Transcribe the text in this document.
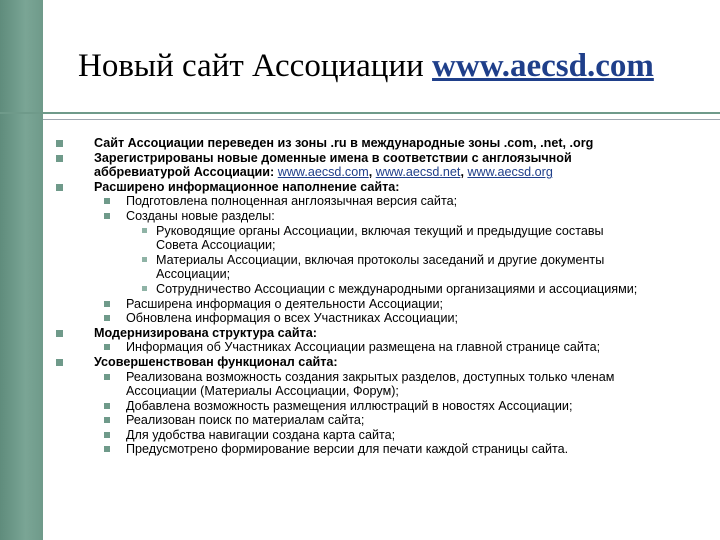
Новый сайт Ассоциации www.aecsd.com
Сайт Ассоциации переведен из зоны .ru в международные зоны .com, .net, .org
Зарегистрированы новые доменные имена в соответствии с англоязычной
аббревиатурой Ассоциации: www.aecsd.com, www.aecsd.net, www.aecsd.org
Расширено информационное наполнение сайта:
Подготовлена полноценная англоязычная версия сайта;
Созданы новые разделы:
Руководящие органы Ассоциации, включая текущий и предыдущие составы
Совета Ассоциации;
Материалы Ассоциации, включая протоколы заседаний и другие документы
Ассоциации;
Сотрудничество Ассоциации с международными организациями и ассоциациями;
Расширена информация о деятельности Ассоциации;
Обновлена информация о всех Участниках Ассоциации;
Модернизирована структура сайта:
Информация об Участниках Ассоциации размещена на главной странице сайта;
Усовершенствован функционал сайта:
Реализована возможность создания закрытых разделов, доступных только членам
Ассоциации (Материалы Ассоциации, Форум);
Добавлена возможность размещения иллюстраций в новостях Ассоциации;
Реализован поиск по материалам сайта;
Для удобства навигации создана карта сайта;
Предусмотрено формирование версии для печати каждой страницы сайта.
